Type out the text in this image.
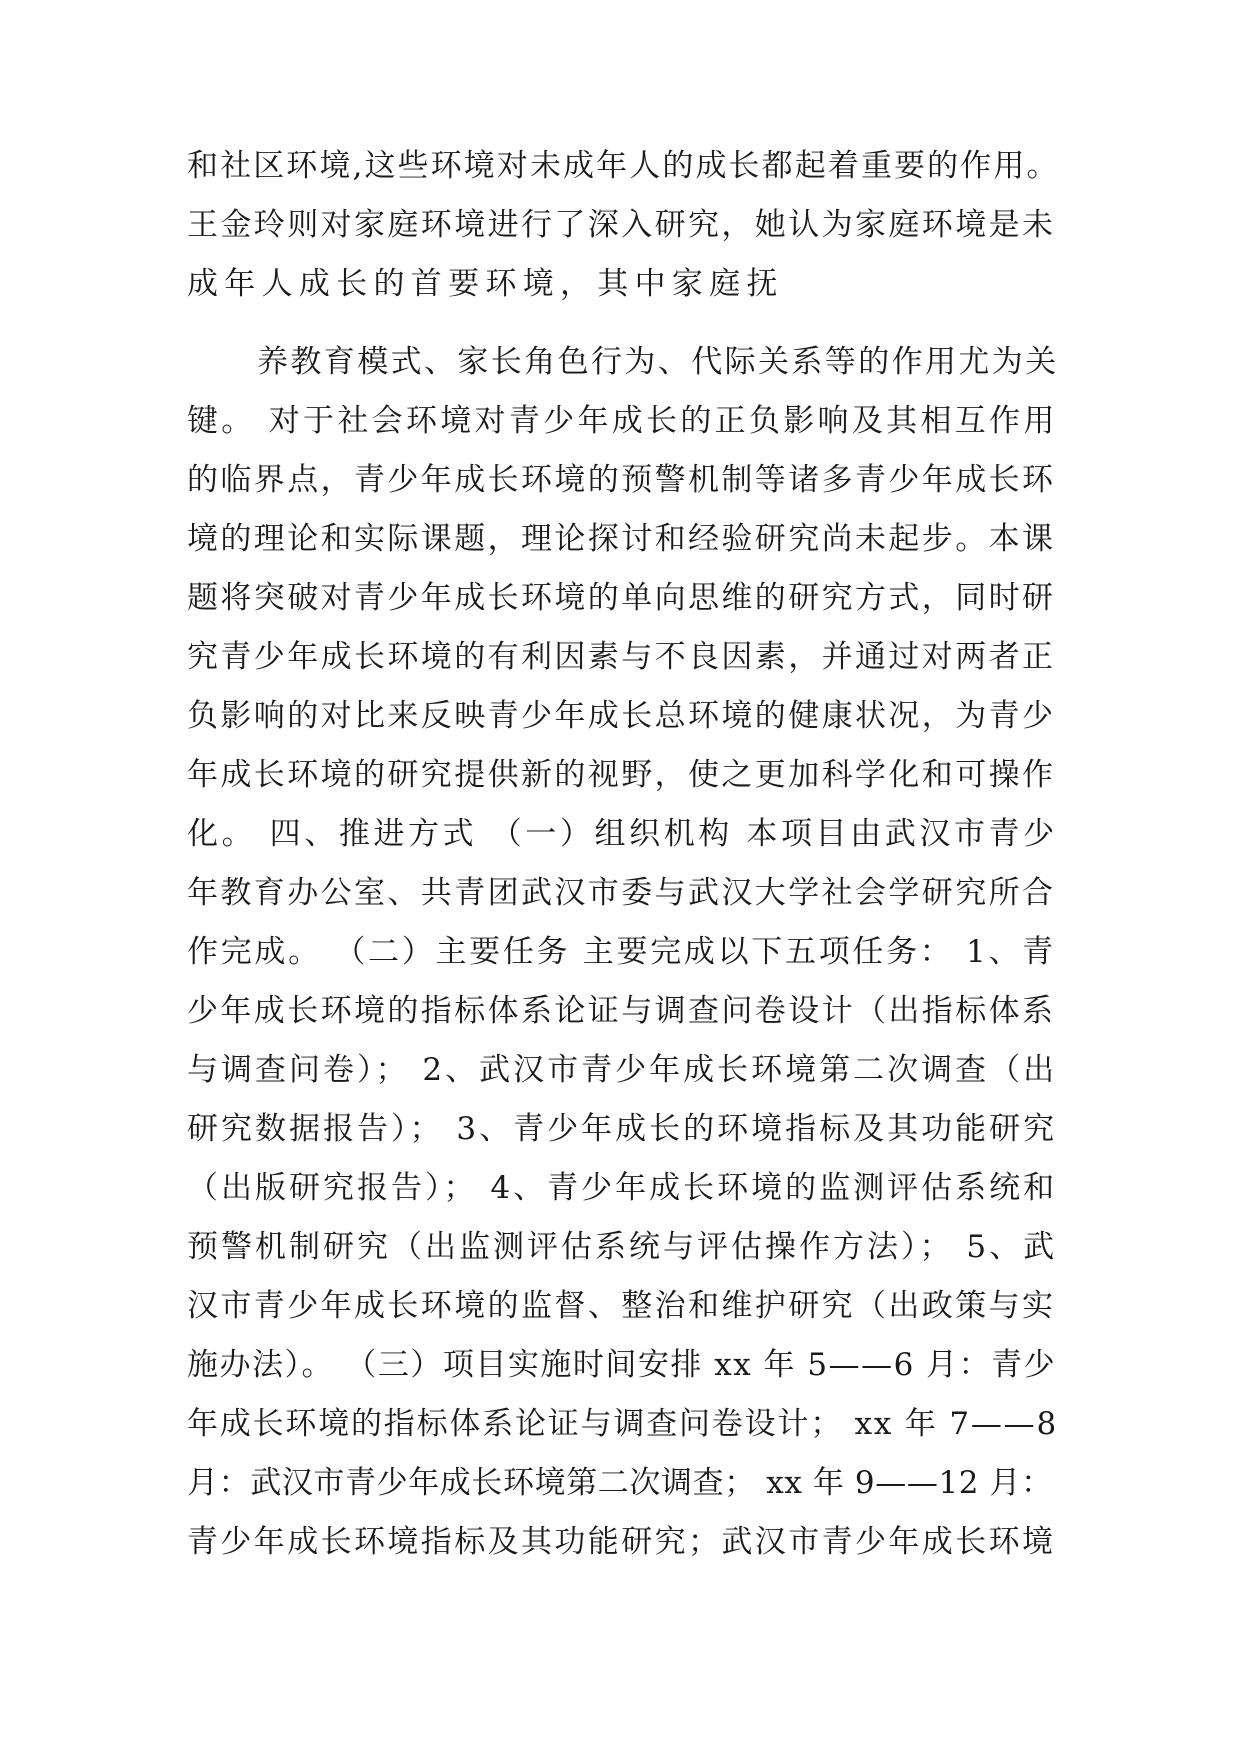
和社区环境,这些环境对未成年人的成长都起着重要的作用。
王金玲则对家庭环境进行了深入研究，她认为家庭环境是未
成年人成长的首要环境，其中家庭抚
养教育模式、家长角色行为、代际关系等的作用尤为关
键。 对于社会环境对青少年成长的正负影响及其相互作用
的临界点，青少年成长环境的预警机制等诸多青少年成长环
境的理论和实际课题，理论探讨和经验研究尚未起步。本课
题将突破对青少年成长环境的单向思维的研究方式，同时研
究青少年成长环境的有利因素与不良因素，并通过对两者正
负影响的对比来反映青少年成长总环境的健康状况，为青少
年成长环境的研究提供新的视野，使之更加科学化和可操作
化。 四、推进方式 （一）组织机构 本项目由武汉市青少
年教育办公室、共青团武汉市委与武汉大学社会学研究所合
作完成。 （二）主要任务 主要完成以下五项任务： 1、青
少年成长环境的指标体系论证与调查问卷设计（出指标体系
与调查问卷）； 2、武汉市青少年成长环境第二次调查（出
研究数据报告）； 3、青少年成长的环境指标及其功能研究
（出版研究报告）； 4、青少年成长环境的监测评估系统和
预警机制研究（出监测评估系统与评估操作方法）； 5、武
汉市青少年成长环境的监督、整治和维护研究（出政策与实
施办法）。 （三）项目实施时间安排 xx 年 5——6 月：青少
年成长环境的指标体系论证与调查问卷设计； xx 年 7——8
月：武汉市青少年成长环境第二次调查； xx 年 9——12 月：
青少年成长环境指标及其功能研究；武汉市青少年成长环境
